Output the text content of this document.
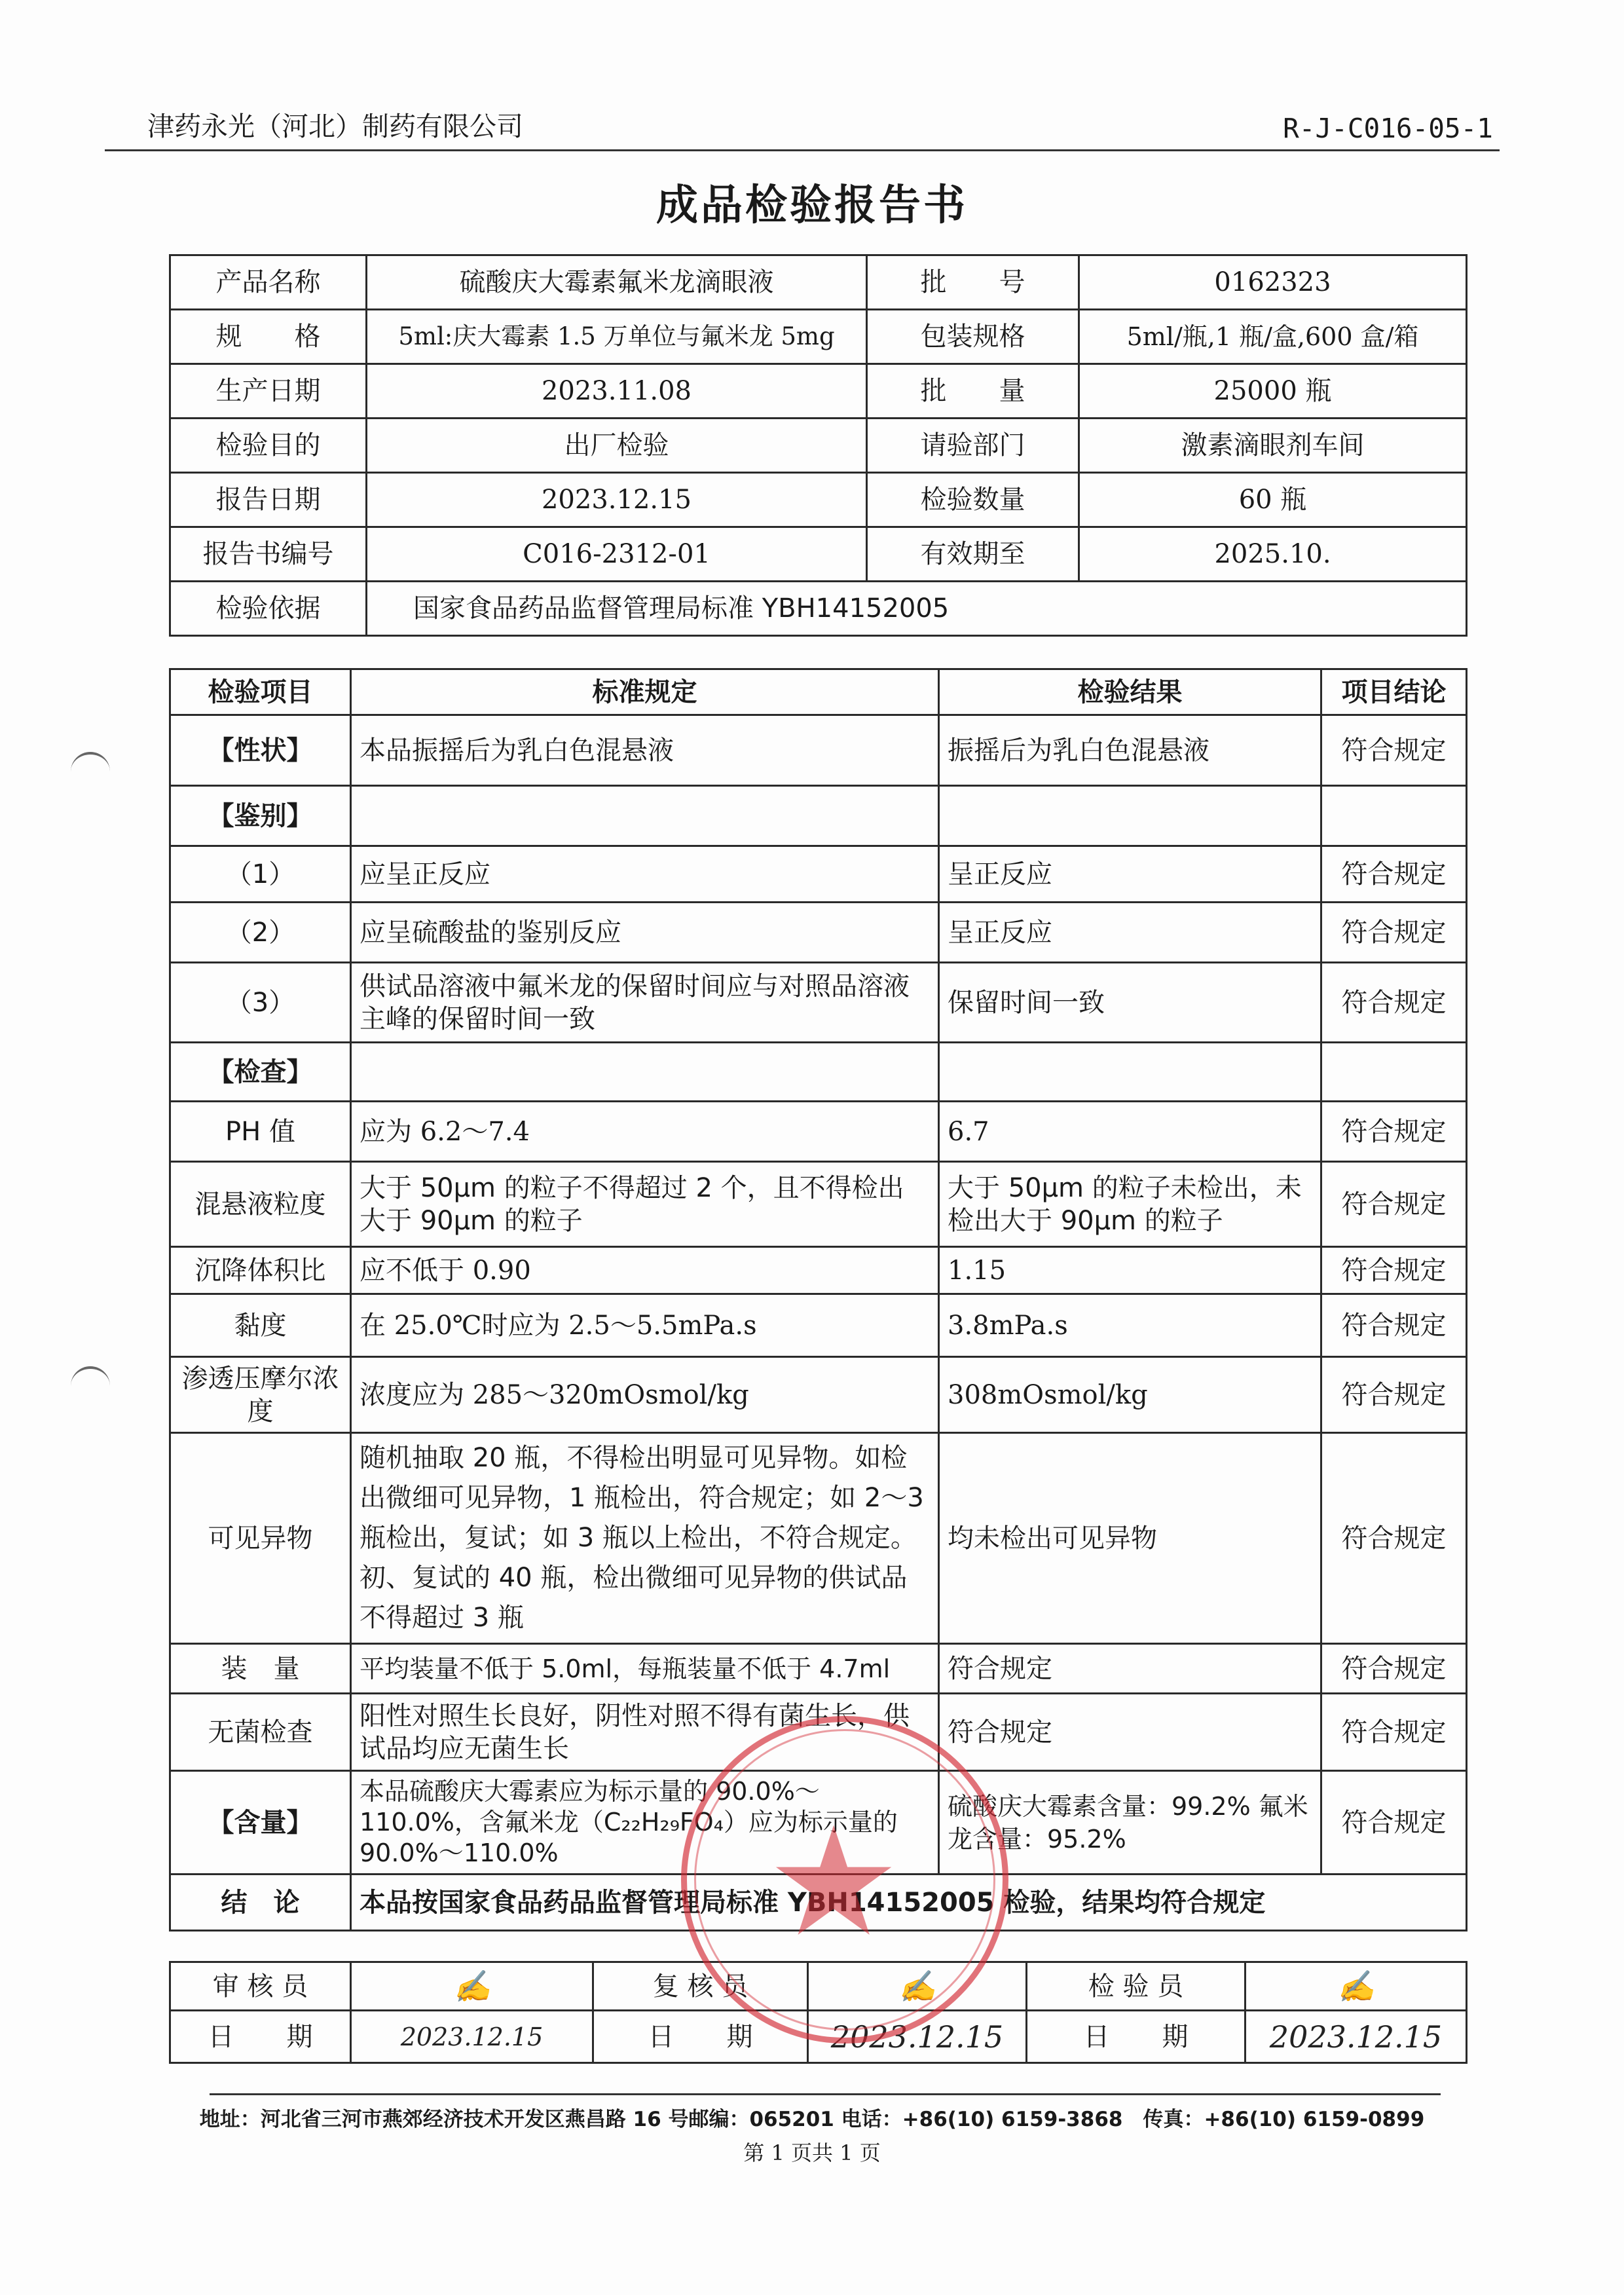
津药永光（河北）制药有限公司	R-J-C016-05-1
成品检验报告书
产品名称	硫酸庆大霉素氟米龙滴眼液	批　　号	0162323
规　　格	5ml:庆大霉素 1.5 万单位与氟米龙 5mg	包装规格	5ml/瓶,1 瓶/盒,600 盒/箱
生产日期	2023.11.08	批　　量	25000 瓶
检验目的	出厂检验	请验部门	激素滴眼剂车间
报告日期	2023.12.15	检验数量	60 瓶
报告书编号	C016-2312-01	有效期至	2025.10.
检验依据	国家食品药品监督管理局标准 YBH14152005		
检验项目	标准规定	检验结果	项目结论
【性状】	本品振摇后为乳白色混悬液	振摇后为乳白色混悬液	符合规定
【鉴别】			
（1）	应呈正反应	呈正反应	符合规定
（2）	应呈硫酸盐的鉴别反应	呈正反应	符合规定
（3）	供试品溶液中氟米龙的保留时间应与对照品溶液主峰的保留时间一致	保留时间一致	符合规定
【检查】			
PH 值	应为 6.2～7.4	6.7	符合规定
混悬液粒度	大于 50μm 的粒子不得超过 2 个，且不得检出大于 90μm 的粒子	大于 50μm 的粒子未检出，未检出大于 90μm 的粒子	符合规定
沉降体积比	应不低于 0.90	1.15	符合规定
黏度	在 25.0℃时应为 2.5～5.5mPa.s	3.8mPa.s	符合规定
渗透压摩尔浓度	浓度应为 285～320mOsmol/kg	308mOsmol/kg	符合规定
可见异物	随机抽取 20 瓶，不得检出明显可见异物。如检出微细可见异物，1 瓶检出，符合规定；如 2～3 瓶检出，复试；如 3 瓶以上检出，不符合规定。初、复试的 40 瓶，检出微细可见异物的供试品不得超过 3 瓶	均未检出可见异物	符合规定
装　量	平均装量不低于 5.0ml，每瓶装量不低于 4.7ml	符合规定	符合规定
无菌检查	阳性对照生长良好，阴性对照不得有菌生长，供试品均应无菌生长	符合规定	符合规定
【含量】	本品硫酸庆大霉素应为标示量的 90.0%～110.0%，含氟米龙（C₂₂H₂₉FO₄）应为标示量的 90.0%～110.0%	硫酸庆大霉素含量：99.2% 氟米龙含量：95.2%	符合规定
结　论	本品按国家食品药品监督管理局标准 YBH14152005 检验，结果均符合规定		
审 核 员	✍	复 核 员	✍	检 验 员	✍
日　　期	2023.12.15	日　　期	2023.12.15	日　　期	2023.12.15
★
地址：河北省三河市燕郊经济技术开发区燕昌路 16 号邮编：065201 电话：+86(10) 6159-3868　传真：+86(10) 6159-0899
第 1 页共 1 页
